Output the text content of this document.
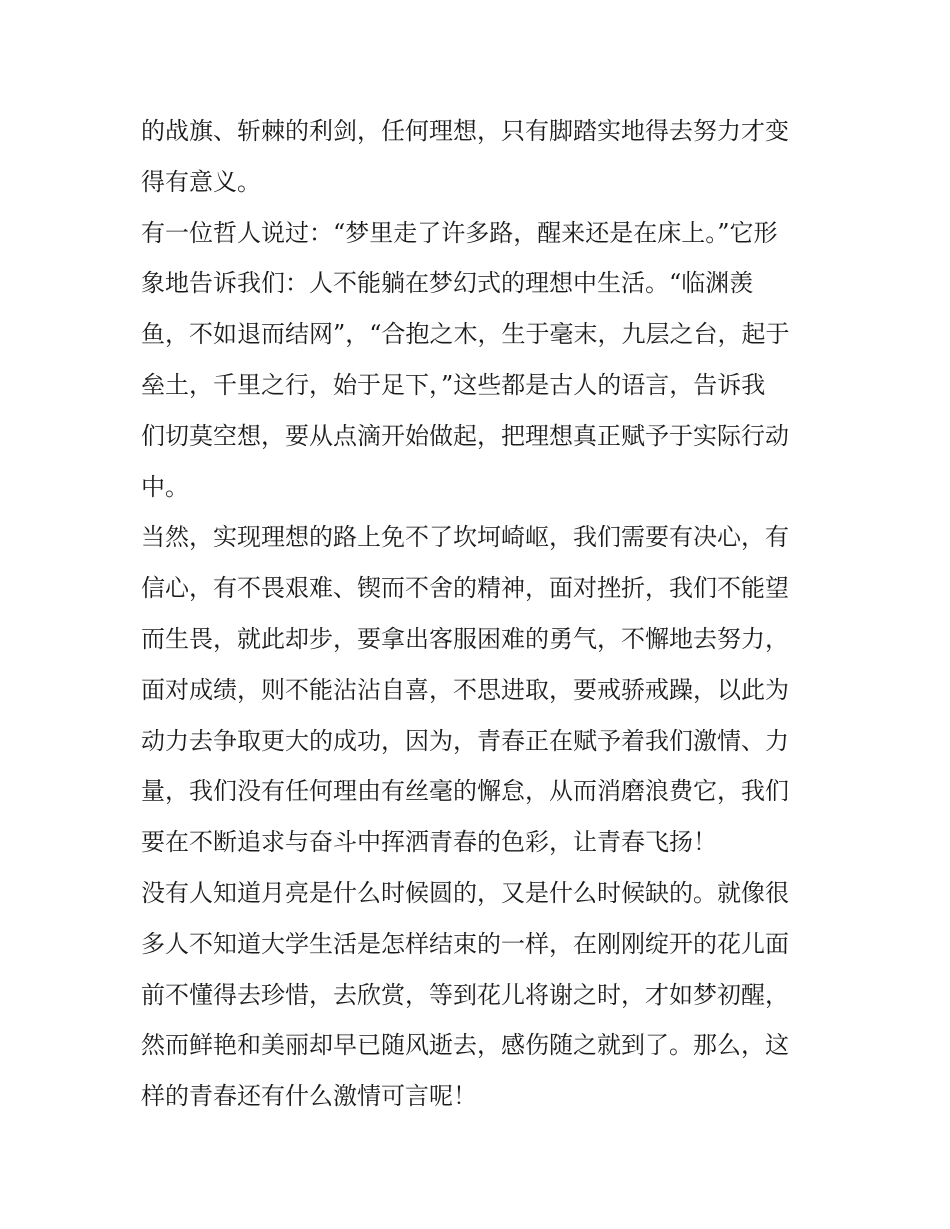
的战旗、斩棘的利剑，任何理想，只有脚踏实地得去努力才变
得有意义。
有一位哲人说过：“梦里走了许多路，醒来还是在床上。”它形
象地告诉我们：人不能躺在梦幻式的理想中生活。“临渊羡
鱼，不如退而结网”，“合抱之木，生于毫末，九层之台，起于
垒土，千里之行，始于足下，”这些都是古人的语言，告诉我
们切莫空想，要从点滴开始做起，把理想真正赋予于实际行动
中。
当然，实现理想的路上免不了坎坷崎岖，我们需要有决心，有
信心，有不畏艰难、锲而不舍的精神，面对挫折，我们不能望
而生畏，就此却步，要拿出客服困难的勇气，不懈地去努力，
面对成绩，则不能沾沾自喜，不思进取，要戒骄戒躁，以此为
动力去争取更大的成功，因为，青春正在赋予着我们激情、力
量，我们没有任何理由有丝毫的懈怠，从而消磨浪费它，我们
要在不断追求与奋斗中挥洒青春的色彩，让青春飞扬！
没有人知道月亮是什么时候圆的，又是什么时候缺的。就像很
多人不知道大学生活是怎样结束的一样，在刚刚绽开的花儿面
前不懂得去珍惜，去欣赏，等到花儿将谢之时，才如梦初醒，
然而鲜艳和美丽却早已随风逝去，感伤随之就到了。那么，这
样的青春还有什么激情可言呢！
